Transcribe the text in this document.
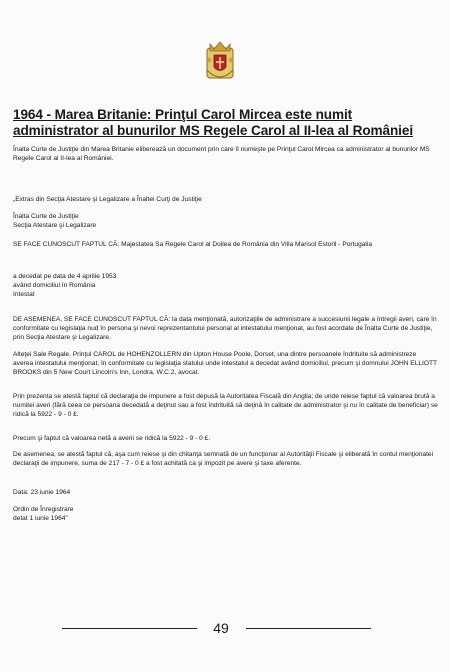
1964 - Marea Britanie: Prinţul Carol Mircea este numit administrator al bunurilor MS Regele Carol al II-lea al României
Înalta Curte de Justiţie din Marea Britanie eliberează un document prin care îl numeşte pe Prinţul Carol Mircea ca administrator al bunurilor MS Regele Carol al II-lea al României.

„Extras din Secţia Atestare şi Legalizare a Înaltei Curţi de Justiţie

Înalta Curte de Justiţie
Secţia Atestare şi Legalizare

SE FACE CUNOSCUT FAPTUL CĂ: Majestatea Sa Regele Carol al Doilea de România din Villa Marisol Estoril - Portugalia

a decedat pe data de 4 aprilie 1953
având domiciliul în România
Intestat

DE ASEMENEA, SE FACE CUNOSCUT FAPTUL CĂ: la data menţionată, autorizaţiile de administrare a succesiunii legale a întregii averi, care în conformitate cu legislaţia nud în persona şi nevoi reprezentantului personal al intestatului menţionat, au fost acordate de Înalta Curte de Justiţie, prin Secţia Atestare şi Legalizare.

Alteţei Sale Regale, Prinţul CAROL de HOHENZOLLERN din Upton House Poole, Dorset, una dintre persoanele îndrituite să administreze averea intestatului menţionat, în conformitate cu legislaţia statului unde intestatul a decedat având domiciliul, precum şi domnului JOHN ELLIOTT BROOKS din 5 New Court Lincoln's Inn, Londra, W.C.2, avocat.

Prin prezenta se atestă faptul că declaraţia de impunere a fost depusă la Autoritatea Fiscală din Anglia; de unde reiese faptul că valoarea brută a numitei averi (fără ceea ce persoana decedată a deţinut sau a fost îndrituită să deţină în calitate de administrator şi nu în calitate de beneficiar) se ridică la 5922 - 9 - 0 £.

Precum şi faptul că valoarea netă a averii se ridică la 5922 - 9 - 0 £.

De asemenea, se atestă faptul că, aşa cum reiese şi din chitanţa semnată de un funcţionar al Autorităţii Fiscale şi eliberată în contul menţionatei declaraţii de impunere, suma de 217 - 7 - 0 £ a fost achitată ca şi impozit pe avere şi taxe aferente.

Data: 23 iunie 1964

Ordin de Înregistrare
detat 1 iunie 1964"

49
